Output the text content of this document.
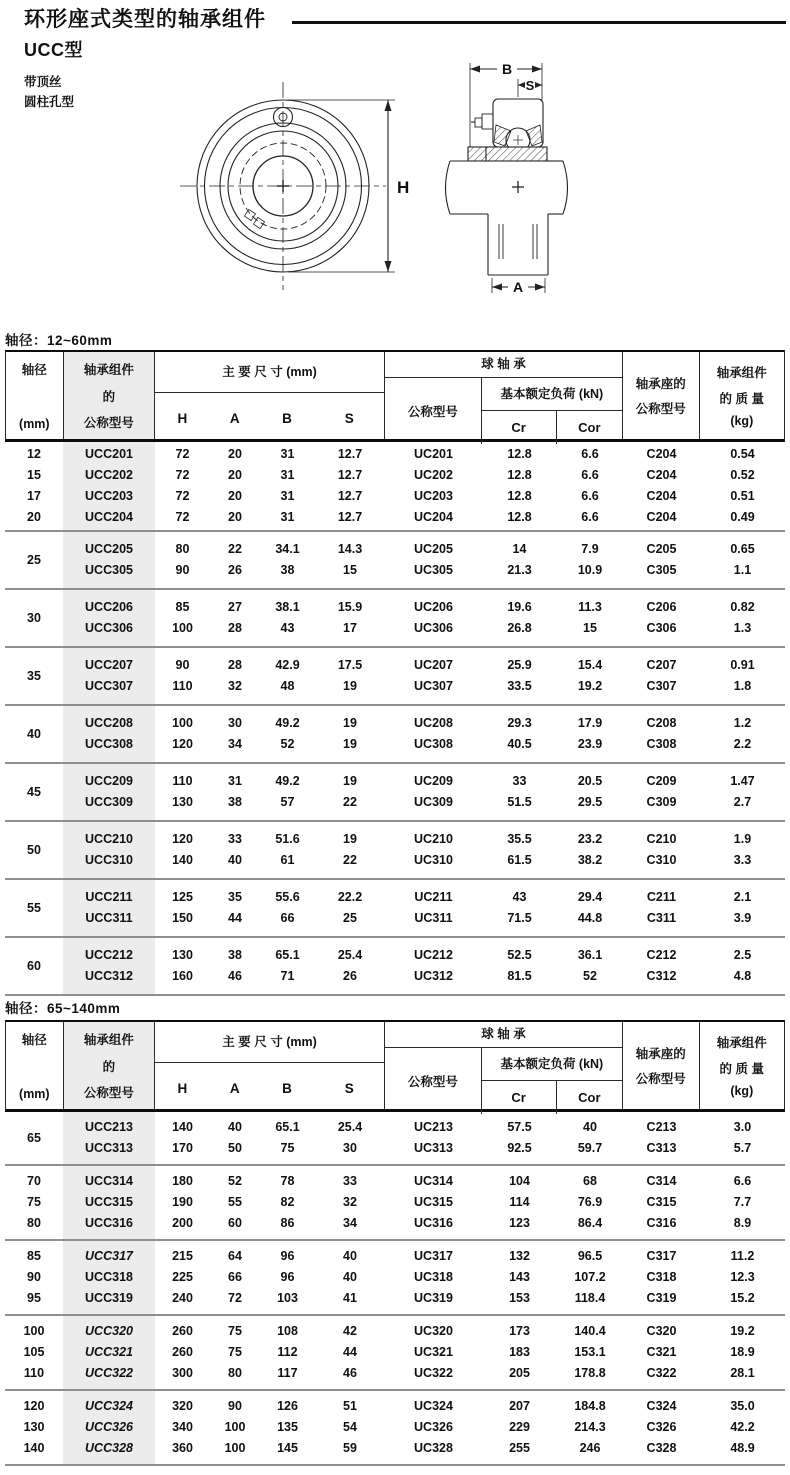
环形座式类型的轴承组件
UCC型
带顶丝
圆柱孔型
H
B
S
A
轴径：12~60mm
轴径
(mm)
轴承组件
的
公称型号
主 要 尺 寸 (mm)
H	A	B	S
球 轴 承
公称型号
基本额定负荷 (kN)
Cr	Cor
轴承座的
公称型号
轴承组件
的 质 量
(kg)
12	UCC201	72	20	31	12.7	UC201	12.8	6.6	C204	0.54
15	UCC202	72	20	31	12.7	UC202	12.8	6.6	C204	0.52
17	UCC203	72	20	31	12.7	UC203	12.8	6.6	C204	0.51
20	UCC204	72	20	31	12.7	UC204	12.8	6.6	C204	0.49
25
UCC205	80	22	34.1	14.3	UC205	14	7.9	C205	0.65
UCC305	90	26	38	15	UC305	21.3	10.9	C305	1.1
30
UCC206	85	27	38.1	15.9	UC206	19.6	11.3	C206	0.82
UCC306	100	28	43	17	UC306	26.8	15	C306	1.3
35
UCC207	90	28	42.9	17.5	UC207	25.9	15.4	C207	0.91
UCC307	110	32	48	19	UC307	33.5	19.2	C307	1.8
40
UCC208	100	30	49.2	19	UC208	29.3	17.9	C208	1.2
UCC308	120	34	52	19	UC308	40.5	23.9	C308	2.2
45
UCC209	110	31	49.2	19	UC209	33	20.5	C209	1.47
UCC309	130	38	57	22	UC309	51.5	29.5	C309	2.7
50
UCC210	120	33	51.6	19	UC210	35.5	23.2	C210	1.9
UCC310	140	40	61	22	UC310	61.5	38.2	C310	3.3
55
UCC211	125	35	55.6	22.2	UC211	43	29.4	C211	2.1
UCC311	150	44	66	25	UC311	71.5	44.8	C311	3.9
60
UCC212	130	38	65.1	25.4	UC212	52.5	36.1	C212	2.5
UCC312	160	46	71	26	UC312	81.5	52	C312	4.8
轴径：65~140mm
轴径
(mm)
轴承组件
的
公称型号
主 要 尺 寸 (mm)
H	A	B	S
球 轴 承
公称型号
基本额定负荷 (kN)
Cr	Cor
轴承座的
公称型号
轴承组件
的 质 量
(kg)
65
UCC213	140	40	65.1	25.4	UC213	57.5	40	C213	3.0
UCC313	170	50	75	30	UC313	92.5	59.7	C313	5.7
70	UCC314	180	52	78	33	UC314	104	68	C314	6.6
75	UCC315	190	55	82	32	UC315	114	76.9	C315	7.7
80	UCC316	200	60	86	34	UC316	123	86.4	C316	8.9
85	UCC317	215	64	96	40	UC317	132	96.5	C317	11.2
90	UCC318	225	66	96	40	UC318	143	107.2	C318	12.3
95	UCC319	240	72	103	41	UC319	153	118.4	C319	15.2
100	UCC320	260	75	108	42	UC320	173	140.4	C320	19.2
105	UCC321	260	75	112	44	UC321	183	153.1	C321	18.9
110	UCC322	300	80	117	46	UC322	205	178.8	C322	28.1
120	UCC324	320	90	126	51	UC324	207	184.8	C324	35.0
130	UCC326	340	100	135	54	UC326	229	214.3	C326	42.2
140	UCC328	360	100	145	59	UC328	255	246	C328	48.9
